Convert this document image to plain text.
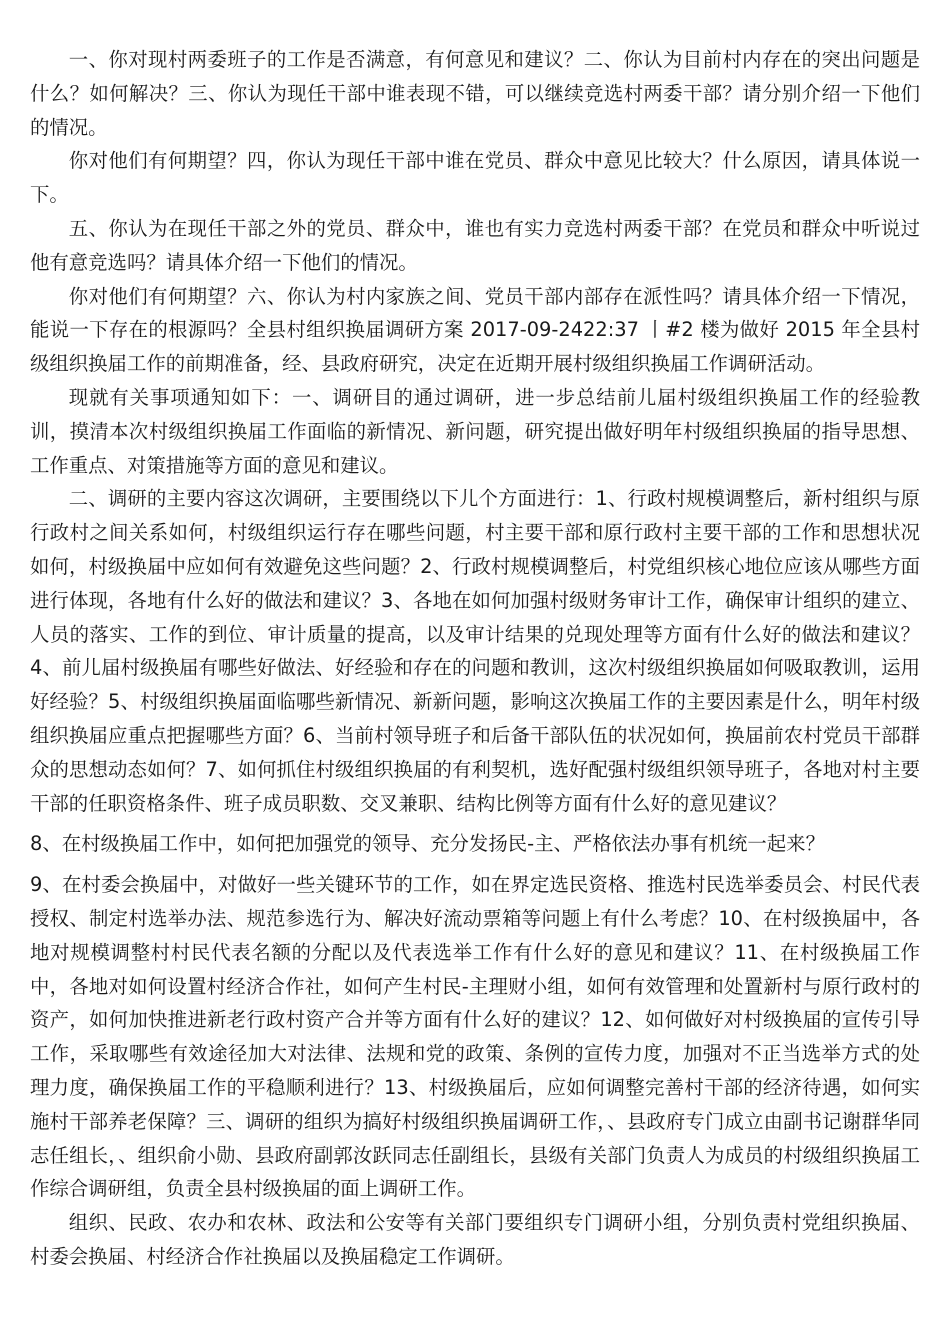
一、你对现村两委班子的工作是否满意，有何意见和建议？二、你认为目前村内存在的突出问题是什么？如何解决？三、你认为现任干部中谁表现不错，可以继续竞选村两委干部？请分别介绍一下他们的情况。

你对他们有何期望？四，你认为现任干部中谁在党员、群众中意见比较大？什么原因，请具体说一下。

五、你认为在现任干部之外的党员、群众中，谁也有实力竞选村两委干部？在党员和群众中听说过他有意竞选吗？请具体介绍一下他们的情况。

你对他们有何期望？六、你认为村内家族之间、党员干部内部存在派性吗？请具体介绍一下情况，能说一下存在的根源吗？全县村组织换届调研方案 2017-09-2422:37 丨#2 楼为做好 2015 年全县村级组织换届工作的前期准备，经、县政府研究，决定在近期开展村级组织换届工作调研活动。

现就有关事项通知如下：一、调研目的通过调研，进一步总结前儿届村级组织换届工作的经验教训，摸清本次村级组织换届工作面临的新情况、新问题，研究提出做好明年村级组织换届的指导思想、工作重点、对策措施等方面的意见和建议。

二、调研的主要内容这次调研，主要围绕以下儿个方面进行：1、行政村规模调整后，新村组织与原行政村之间关系如何，村级组织运行存在哪些问题，村主要干部和原行政村主要干部的工作和思想状况如何，村级换届中应如何有效避免这些问题？2、行政村规模调整后，村党组织核心地位应该从哪些方面进行体现，各地有什么好的做法和建议？3、各地在如何加强村级财务审计工作，确保审计组织的建立、人员的落实、工作的到位、审计质量的提高，以及审计结果的兑现处理等方面有什么好的做法和建议？4、前儿届村级换届有哪些好做法、好经验和存在的问题和教训，这次村级组织换届如何吸取教训，运用好经验？5、村级组织换届面临哪些新情况、新新问题，影响这次换届工作的主要因素是什么，明年村级组织换届应重点把握哪些方面？6、当前村领导班子和后备干部队伍的状况如何，换届前农村党员干部群众的思想动态如何？7、如何抓住村级组织换届的有利契机，选好配强村级组织领导班子，各地对村主要干部的任职资格条件、班子成员职数、交叉兼职、结构比例等方面有什么好的意见建议？

8、在村级换届工作中，如何把加强党的领导、充分发扬民-主、严格依法办事有机统一起来？

9、在村委会换届中，对做好一些关键环节的工作，如在界定选民资格、推选村民选举委员会、村民代表授权、制定村选举办法、规范参选行为、解决好流动票箱等问题上有什么考虑？10、在村级换届中，各地对规模调整村村民代表名额的分配以及代表选举工作有什么好的意见和建议？11、在村级换届工作中，各地对如何设置村经济合作社，如何产生村民-主理财小组，如何有效管理和处置新村与原行政村的资产，如何加快推进新老行政村资产合并等方面有什么好的建议？12、如何做好对村级换届的宣传引导工作，采取哪些有效途径加大对法律、法规和党的政策、条例的宣传力度，加强对不正当选举方式的处理力度，确保换届工作的平稳顺利进行？13、村级换届后，应如何调整完善村干部的经济待遇，如何实施村干部养老保障？三、调研的组织为搞好村级组织换届调研工作，、县政府专门成立由副书记谢群华同志任组长，、组织俞小勋、县政府副郭汝跃同志任副组长，县级有关部门负责人为成员的村级组织换届工作综合调研组，负责全县村级换届的面上调研工作。

组织、民政、农办和农林、政法和公安等有关部门要组织专门调研小组，分别负责村党组织换届、村委会换届、村经济合作社换届以及换届稳定工作调研。
